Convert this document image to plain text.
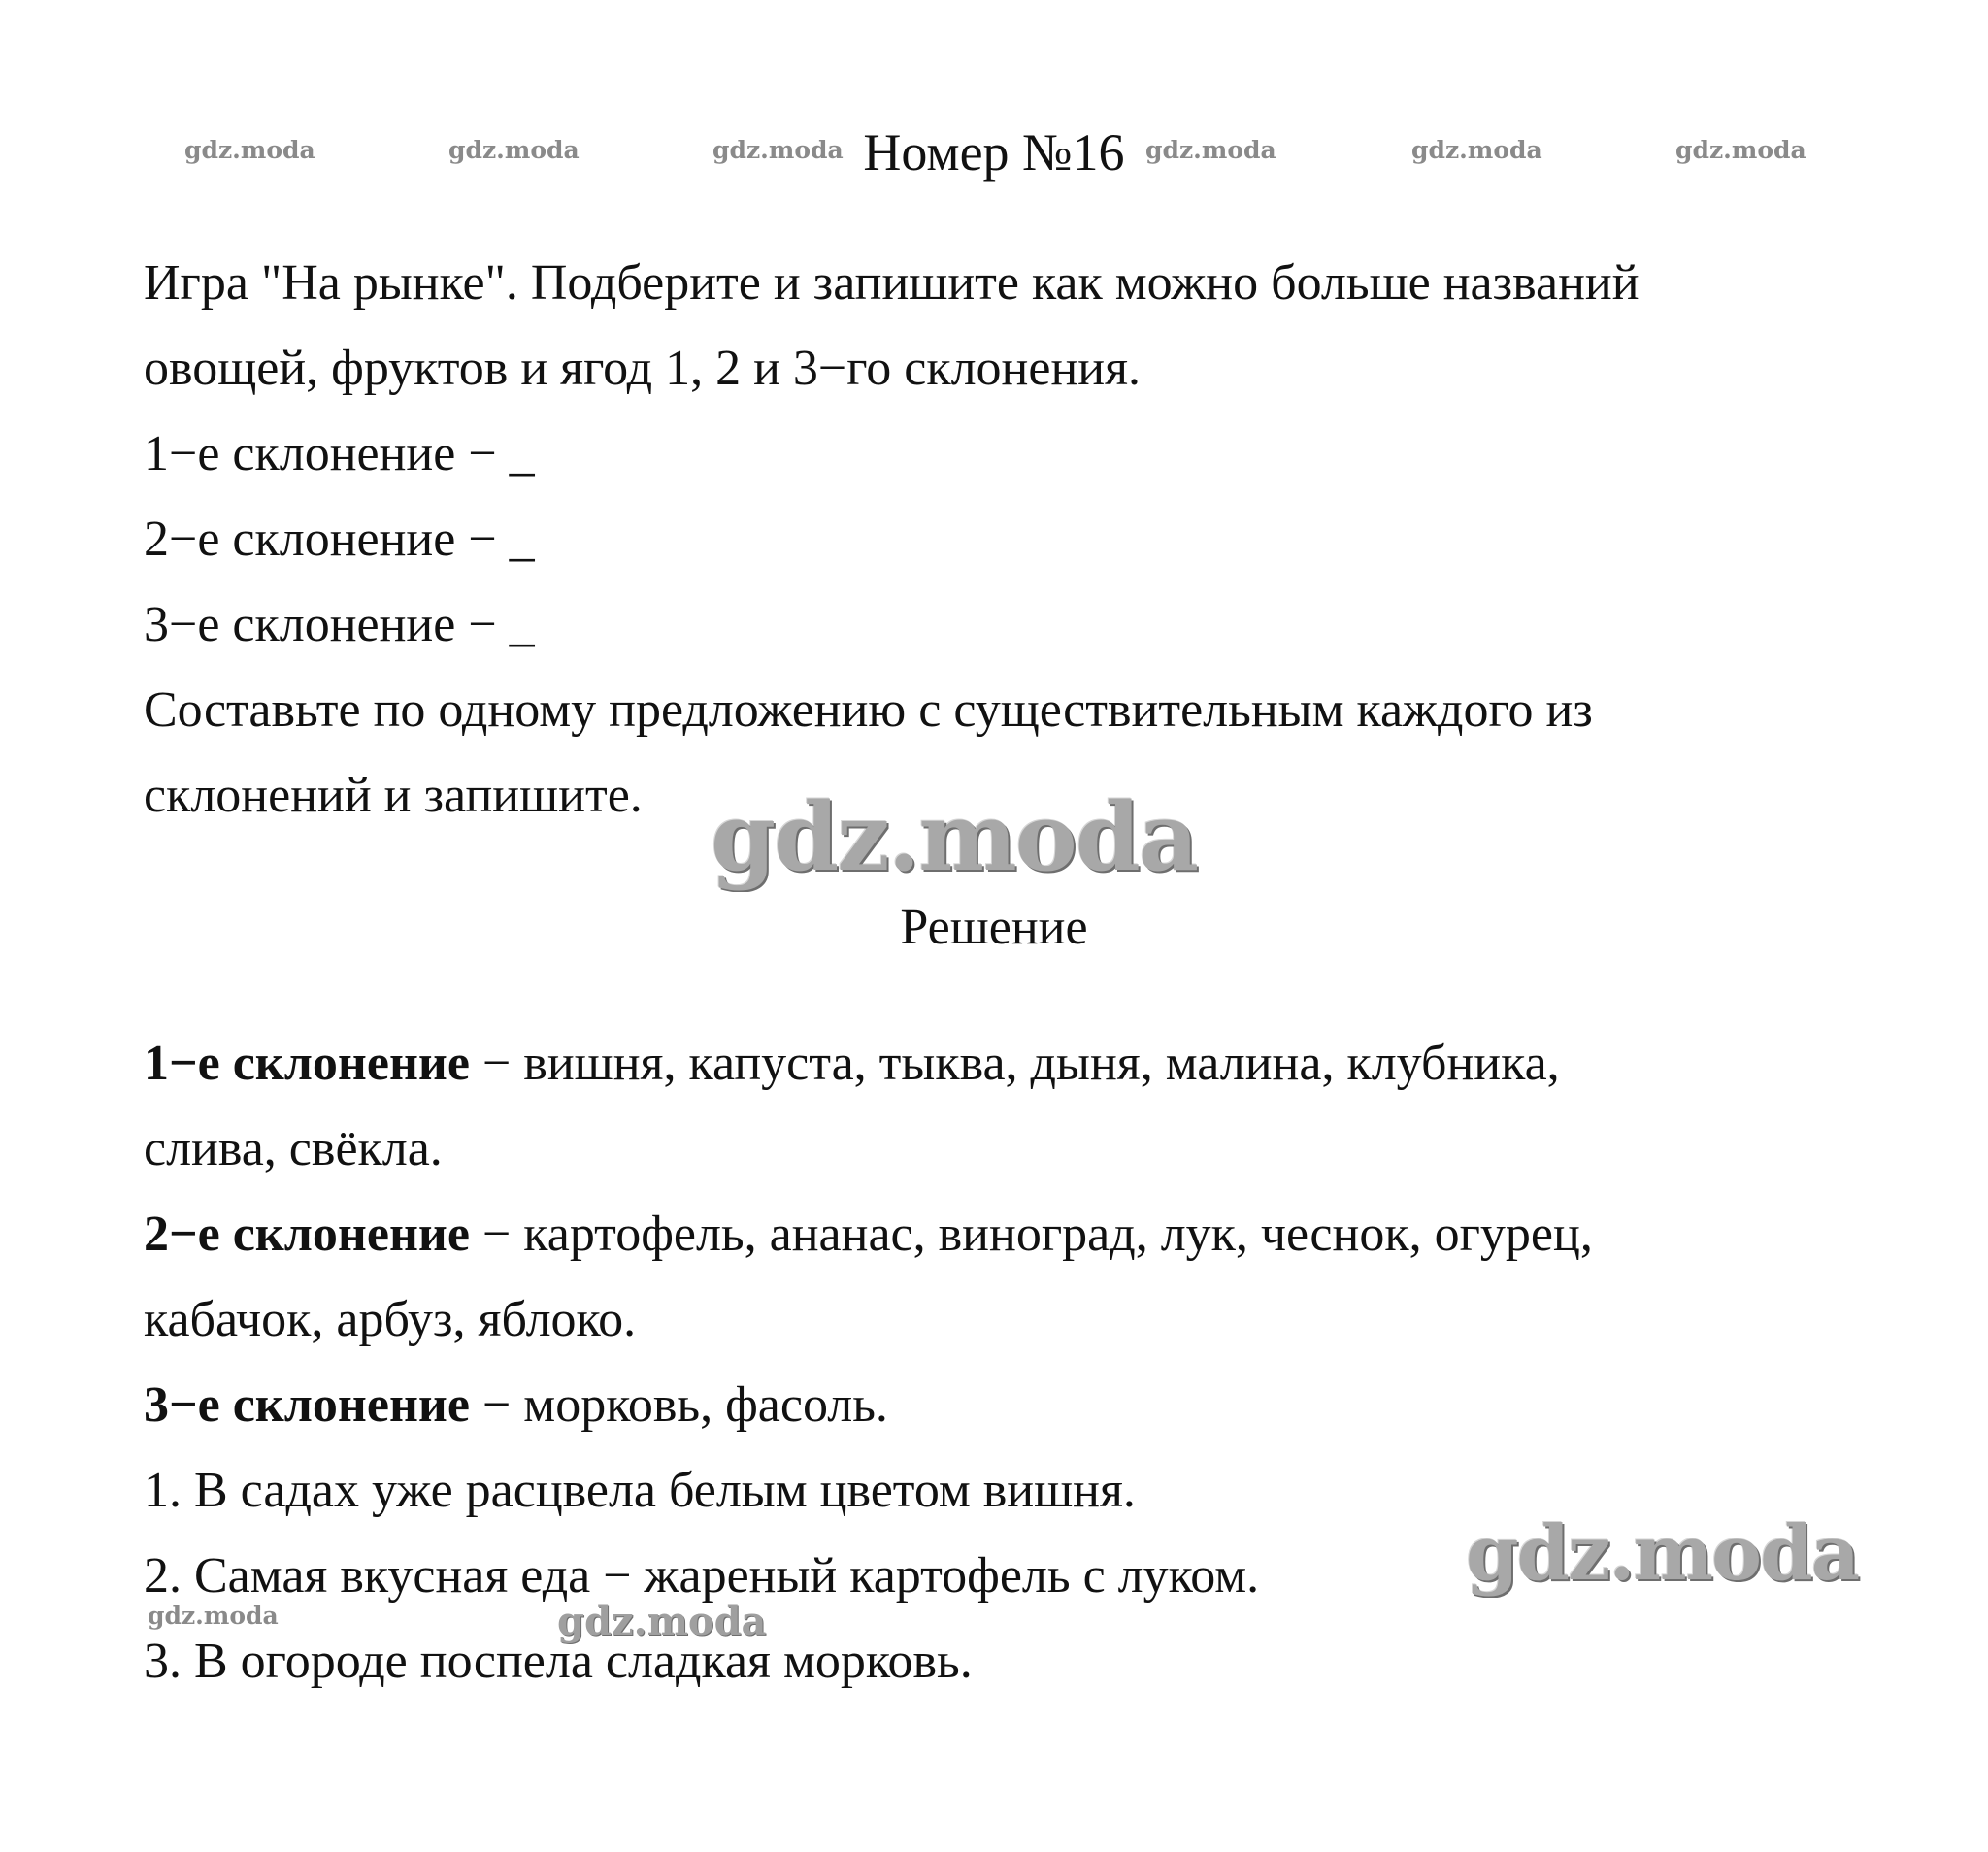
gdz.moda	gdz.moda	gdz.moda	gdz.moda	gdz.moda	gdz.moda
Номер №16
Игра "На рынке". Подберите и запишите как можно больше названий
овощей, фруктов и ягод 1, 2 и 3−го склонения.
1−е склонение − _
2−е склонение − _
3−е склонение − _
Составьте по одному предложению с существительным каждого из
склонений и запишите. gdz.moda
Решение
1−е склонение − вишня, капуста, тыква, дыня, малина, клубника,
слива, свёкла.
2−е склонение − картофель, ананас, виноград, лук, чеснок, огурец,
кабачок, арбуз, яблоко.
3−е склонение − морковь, фасоль.
1. В садах уже расцвела белым цветом вишня.
2. Самая вкусная еда − жареный картофель с луком.	gdz.moda
gdz.moda	gdz.moda
3. В огороде поспела сладкая морковь.
